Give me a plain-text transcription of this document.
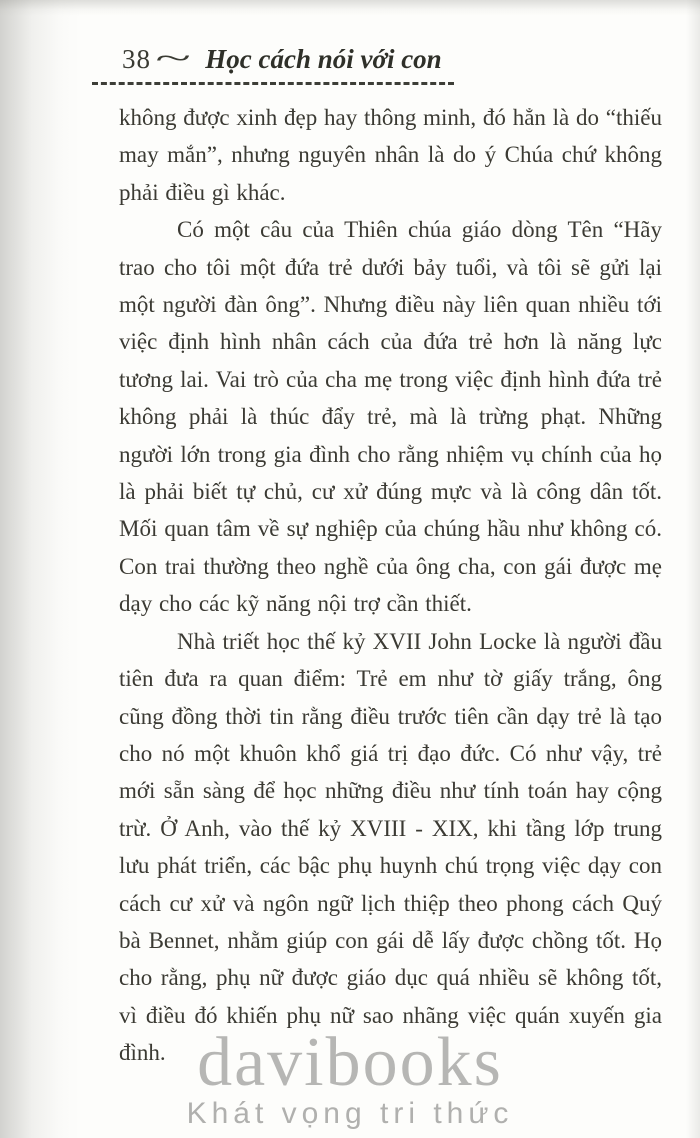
38 ~ Học cách nói với con

không được xinh đẹp hay thông minh, đó hẳn là do “thiếu may mắn”, nhưng nguyên nhân là do ý Chúa chứ không phải điều gì khác.

Có một câu của Thiên chúa giáo dòng Tên “Hãy trao cho tôi một đứa trẻ dưới bảy tuổi, và tôi sẽ gửi lại một người đàn ông”. Nhưng điều này liên quan nhiều tới việc định hình nhân cách của đứa trẻ hơn là năng lực tương lai. Vai trò của cha mẹ trong việc định hình đứa trẻ không phải là thúc đẩy trẻ, mà là trừng phạt. Những người lớn trong gia đình cho rằng nhiệm vụ chính của họ là phải biết tự chủ, cư xử đúng mực và là công dân tốt. Mối quan tâm về sự nghiệp của chúng hầu như không có. Con trai thường theo nghề của ông cha, con gái được mẹ dạy cho các kỹ năng nội trợ cần thiết.

Nhà triết học thế kỷ XVII John Locke là người đầu tiên đưa ra quan điểm: Trẻ em như tờ giấy trắng, ông cũng đồng thời tin rằng điều trước tiên cần dạy trẻ là tạo cho nó một khuôn khổ giá trị đạo đức. Có như vậy, trẻ mới sẵn sàng để học những điều như tính toán hay cộng trừ. Ở Anh, vào thế kỷ XVIII - XIX, khi tầng lớp trung lưu phát triển, các bậc phụ huynh chú trọng việc dạy con cách cư xử và ngôn ngữ lịch thiệp theo phong cách Quý bà Bennet, nhằm giúp con gái dễ lấy được chồng tốt. Họ cho rằng, phụ nữ được giáo dục quá nhiều sẽ không tốt, vì điều đó khiến phụ nữ sao nhãng việc quán xuyến gia đình. davibooks
Khát vọng tri thức
